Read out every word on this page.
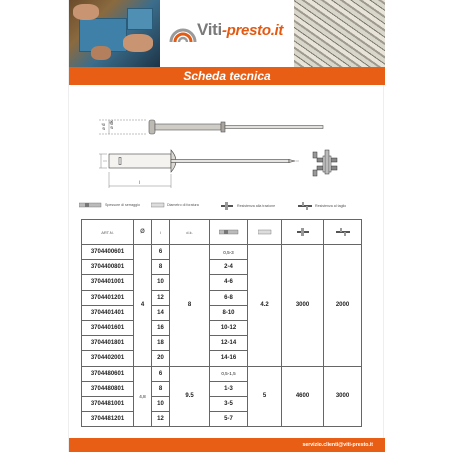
Viti-presto.it
Scheda tecnica
ø d ø dk
l
Spessore di serraggio	Diametro di foratura	Resistenza alla trazione	Resistenza al taglio
ART.N.	Ø	l	d.k.				
3704400601	4	6	8	0,5-3	4.2	3000	2000
3704400801		8		2-4			
3704401001		10		4-6			
3704401201		12		6-8			
3704401401		14		8-10			
3704401601		16		10-12			
3704401801		18		12-14			
3704402001		20		14-16			
3704480601	4,8	6	9.5	0,5-1,5	5	4600	3000
3704480801		8		1-3			
3704481001		10		3-5			
3704481201		12		5-7			
servizio.clienti@viti-presto.it
